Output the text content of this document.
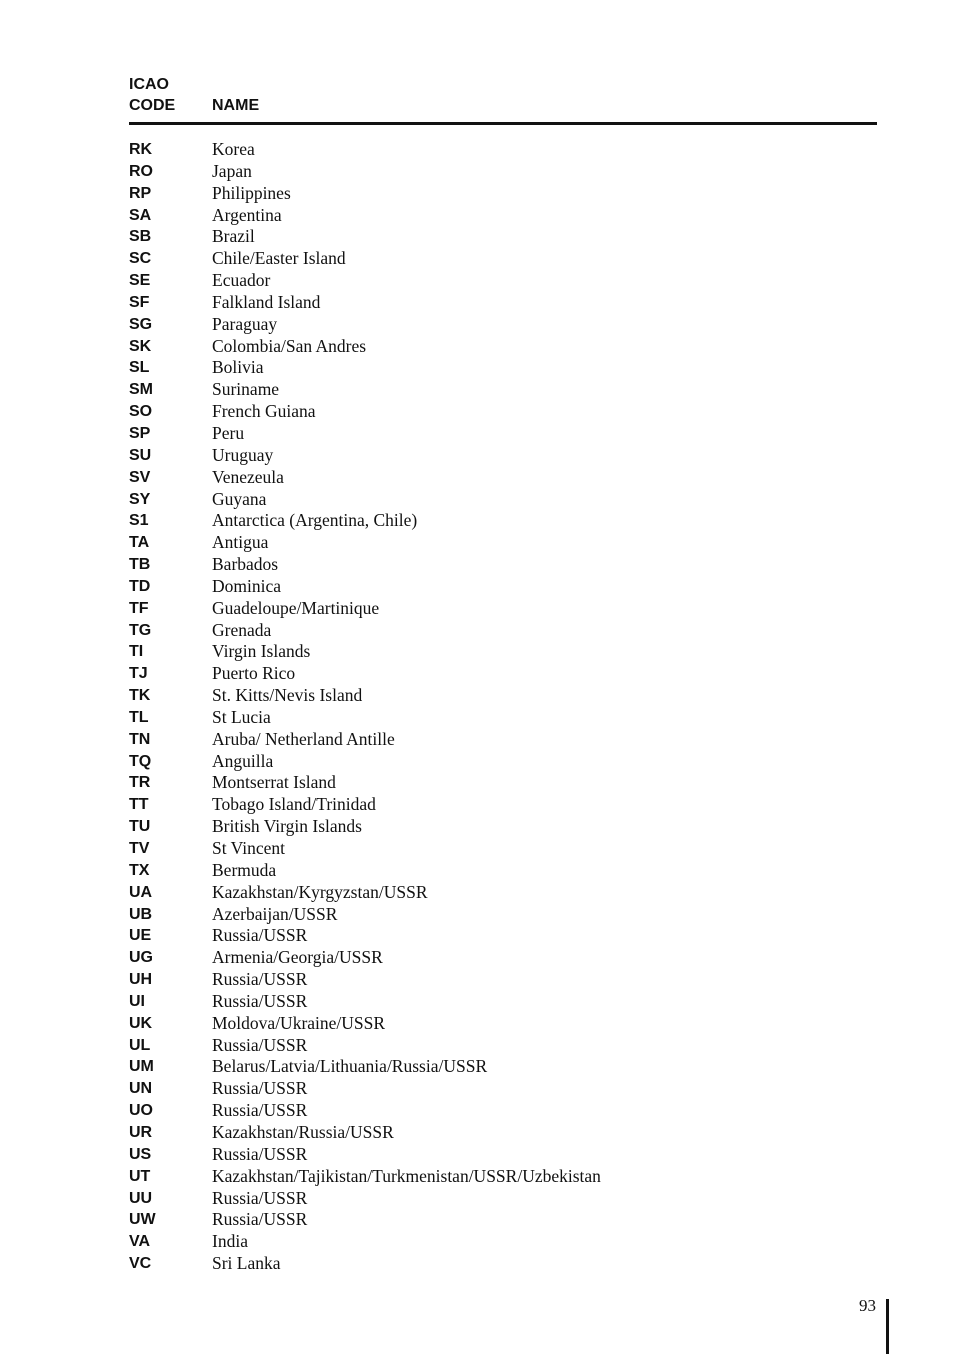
ICAO
CODE NAME
RK	Korea
RO	Japan
RP	Philippines
SA	Argentina
SB	Brazil
SC	Chile/Easter Island
SE	Ecuador
SF	Falkland Island
SG	Paraguay
SK	Colombia/San Andres
SL	Bolivia
SM	Suriname
SO	French Guiana
SP	Peru
SU	Uruguay
SV	Venezeula
SY	Guyana
S1	Antarctica (Argentina, Chile)
TA	Antigua
TB	Barbados
TD	Dominica
TF	Guadeloupe/Martinique
TG	Grenada
TI	Virgin Islands
TJ	Puerto Rico
TK	St. Kitts/Nevis Island
TL	St Lucia
TN	Aruba/ Netherland Antille
TQ	Anguilla
TR	Montserrat Island
TT	Tobago Island/Trinidad
TU	British Virgin Islands
TV	St Vincent
TX	Bermuda
UA	Kazakhstan/Kyrgyzstan/USSR
UB	Azerbaijan/USSR
UE	Russia/USSR
UG	Armenia/Georgia/USSR
UH	Russia/USSR
UI	Russia/USSR
UK	Moldova/Ukraine/USSR
UL	Russia/USSR
UM	Belarus/Latvia/Lithuania/Russia/USSR
UN	Russia/USSR
UO	Russia/USSR
UR	Kazakhstan/Russia/USSR
US	Russia/USSR
UT	Kazakhstan/Tajikistan/Turkmenistan/USSR/Uzbekistan
UU	Russia/USSR
UW	Russia/USSR
VA	India
VC	Sri Lanka
93
